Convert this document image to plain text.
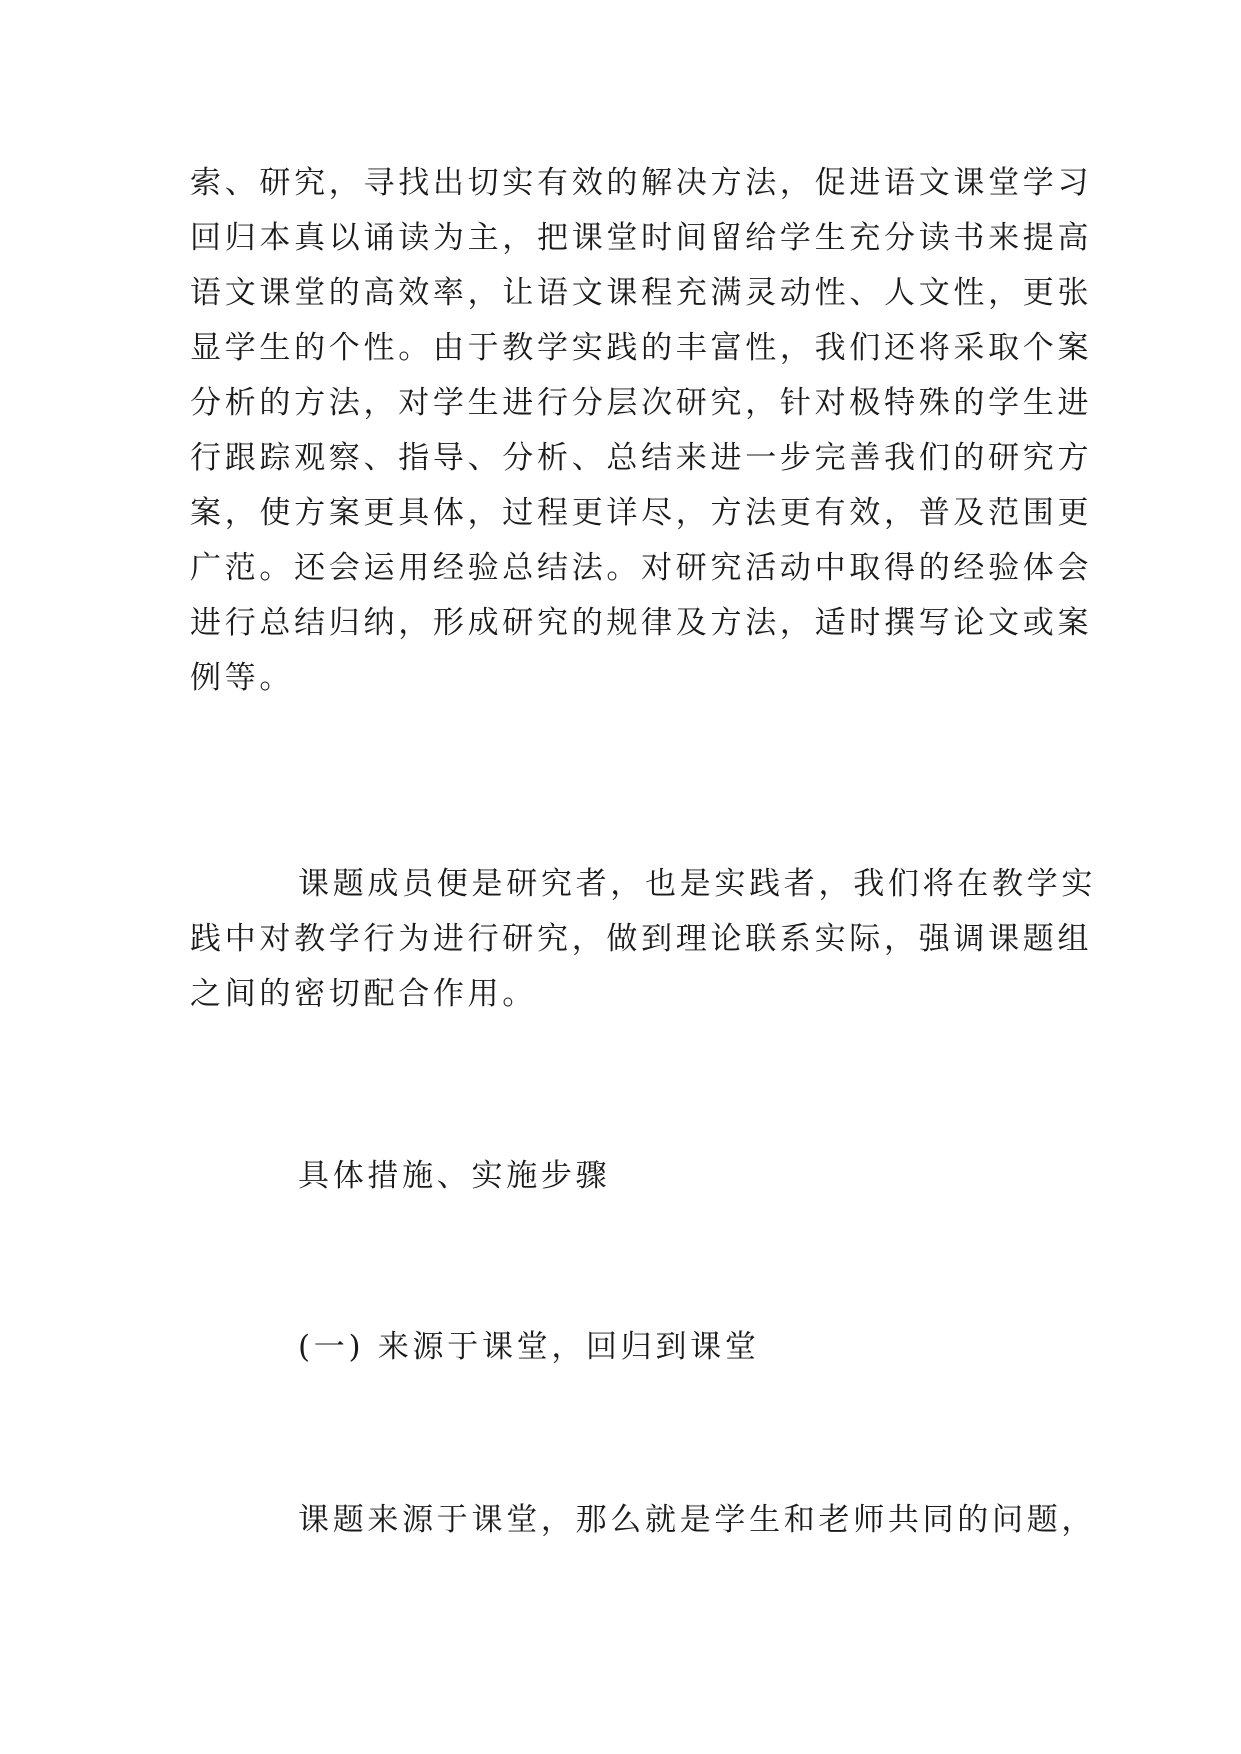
索、研究，寻找出切实有效的解决方法，促进语文课堂学习
回归本真以诵读为主，把课堂时间留给学生充分读书来提高
语文课堂的高效率，让语文课程充满灵动性、人文性，更张
显学生的个性。由于教学实践的丰富性，我们还将采取个案
分析的方法，对学生进行分层次研究，针对极特殊的学生进
行跟踪观察、指导、分析、总结来进一步完善我们的研究方
案，使方案更具体，过程更详尽，方法更有效，普及范围更
广范。还会运用经验总结法。对研究活动中取得的经验体会
进行总结归纳，形成研究的规律及方法，适时撰写论文或案
例等。
课题成员便是研究者，也是实践者，我们将在教学实
践中对教学行为进行研究，做到理论联系实际，强调课题组
之间的密切配合作用。
具体措施、实施步骤
(一) 来源于课堂，回归到课堂
课题来源于课堂，那么就是学生和老师共同的问题，
